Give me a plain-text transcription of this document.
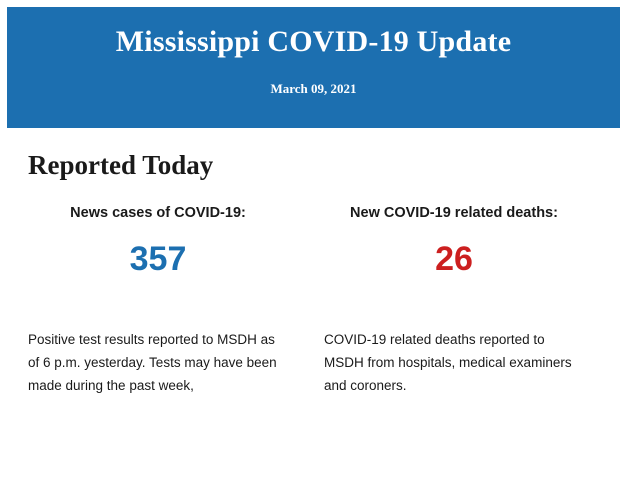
Mississippi COVID-19 Update
March 09, 2021
Reported Today
News cases of COVID-19:
357
New COVID-19 related deaths:
26
Positive test results reported to MSDH as of 6 p.m. yesterday. Tests may have been made during the past week,
COVID-19 related deaths reported to MSDH from hospitals, medical examiners and coroners.
